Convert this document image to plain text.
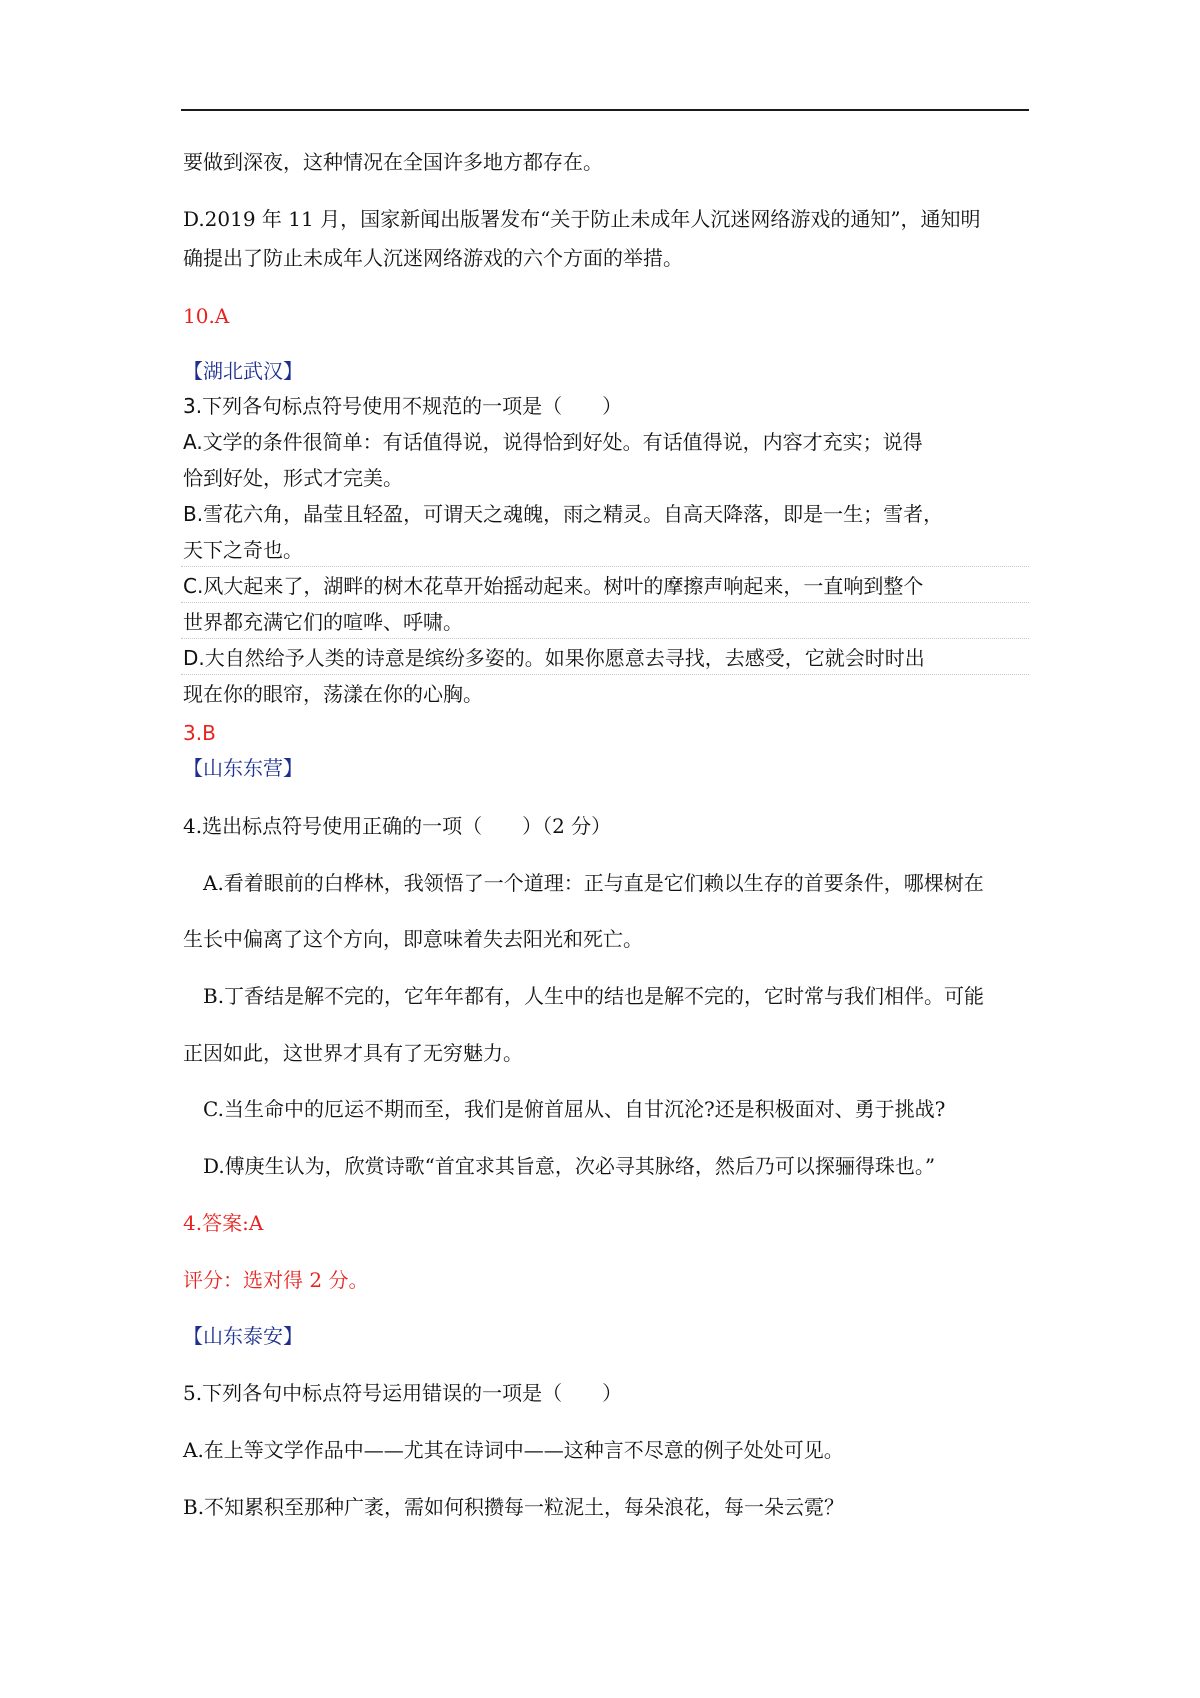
要做到深夜，这种情况在全国许多地方都存在。
D.2019 年 11 月，国家新闻出版署发布“关于防止未成年人沉迷网络游戏的通知”，通知明
确提出了防止未成年人沉迷网络游戏的六个方面的举措。
10.A
【湖北武汉】
3.下列各句标点符号使用不规范的一项是（　　）
A.文学的条件很简单：有话值得说，说得恰到好处。有话值得说，内容才充实；说得
恰到好处，形式才完美。
B.雪花六角，晶莹且轻盈，可谓天之魂魄，雨之精灵。自高天降落，即是一生；雪者，
天下之奇也。
C.风大起来了，湖畔的树木花草开始摇动起来。树叶的摩擦声响起来，一直响到整个
世界都充满它们的喧哗、呼啸。
D.大自然给予人类的诗意是缤纷多姿的。如果你愿意去寻找，去感受，它就会时时出
现在你的眼帘，荡漾在你的心胸。
3.B
【山东东营】
4.选出标点符号使用正确的一项（　　）（2 分）
A.看着眼前的白桦林，我领悟了一个道理：正与直是它们赖以生存的首要条件，哪棵树在
生长中偏离了这个方向，即意味着失去阳光和死亡。
B.丁香结是解不完的，它年年都有，人生中的结也是解不完的，它时常与我们相伴。可能
正因如此，这世界才具有了无穷魅力。
C.当生命中的厄运不期而至，我们是俯首屈从、自甘沉沦?还是积极面对、勇于挑战?
D.傅庚生认为，欣赏诗歌“首宜求其旨意，次必寻其脉络，然后乃可以探骊得珠也。”
4.答案:A
评分：选对得 2 分。
【山东泰安】
5.下列各句中标点符号运用错误的一项是（　　）
A.在上等文学作品中——尤其在诗词中——这种言不尽意的例子处处可见。
B.不知累积至那种广袤，需如何积攒每一粒泥土，每朵浪花，每一朵云霓？
